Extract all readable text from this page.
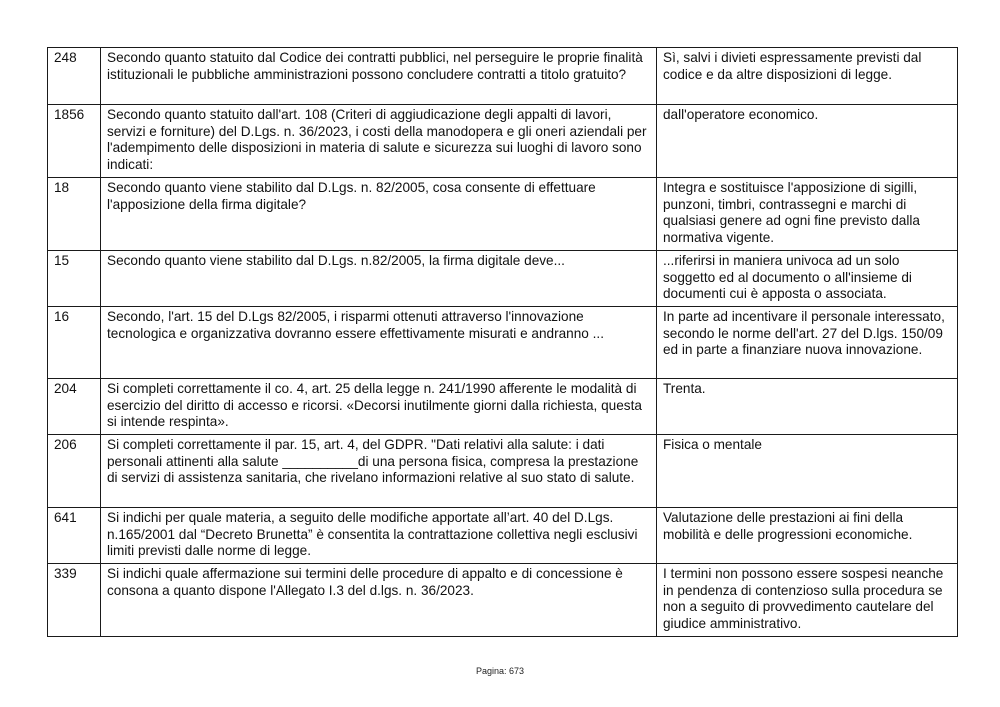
248	Secondo quanto statuito dal Codice dei contratti pubblici, nel perseguire le proprie finalità istituzionali le pubbliche amministrazioni possono concludere contratti a titolo gratuito?	Sì, salvi i divieti espressamente previsti dal codice e da altre disposizioni di legge.
1856	Secondo quanto statuito dall'art. 108 (Criteri di aggiudicazione degli appalti di lavori, servizi e forniture) del D.Lgs. n. 36/2023, i costi della manodopera e gli oneri aziendali per l'adempimento delle disposizioni in materia di salute e sicurezza sui luoghi di lavoro sono indicati:	dall'operatore economico.
18	Secondo quanto viene stabilito dal D.Lgs. n. 82/2005, cosa consente di effettuare l'apposizione della firma digitale?	Integra e sostituisce l'apposizione di sigilli, punzoni, timbri, contrassegni e marchi di qualsiasi genere ad ogni fine previsto dalla normativa vigente.
15	Secondo quanto viene stabilito dal D.Lgs. n.82/2005, la firma digitale deve...	...riferirsi in maniera univoca ad un solo soggetto ed al documento o all'insieme di documenti cui è apposta o associata.
16	Secondo, l'art. 15 del D.Lgs 82/2005, i risparmi ottenuti attraverso l'innovazione tecnologica e organizzativa dovranno essere effettivamente misurati e andranno ...	In parte ad incentivare il personale interessato, secondo le norme dell'art. 27 del D.lgs. 150/09 ed in parte a finanziare nuova innovazione.
204	Si completi correttamente il co. 4, art. 25 della legge n. 241/1990 afferente le modalità di esercizio del diritto di accesso e ricorsi. «Decorsi inutilmente giorni dalla richiesta, questa si intende respinta».	Trenta.
206	Si completi correttamente il par. 15, art. 4, del GDPR. "Dati relativi alla salute: i dati personali attinenti alla salute __________di una persona fisica, compresa la prestazione di servizi di assistenza sanitaria, che rivelano informazioni relative al suo stato di salute.	Fisica o mentale
641	Si indichi per quale materia, a seguito delle modifiche apportate all’art. 40 del D.Lgs. n.165/2001 dal “Decreto Brunetta” è consentita la contrattazione collettiva negli esclusivi limiti previsti dalle norme di legge.	Valutazione delle prestazioni ai fini della mobilità e delle progressioni economiche.
339	Si indichi quale affermazione sui termini delle procedure di appalto e di concessione è consona a quanto dispone l'Allegato I.3 del d.lgs. n. 36/2023.	I termini non possono essere sospesi neanche in pendenza di contenzioso sulla procedura se non a seguito di provvedimento cautelare del giudice amministrativo.
Pagina: 673
